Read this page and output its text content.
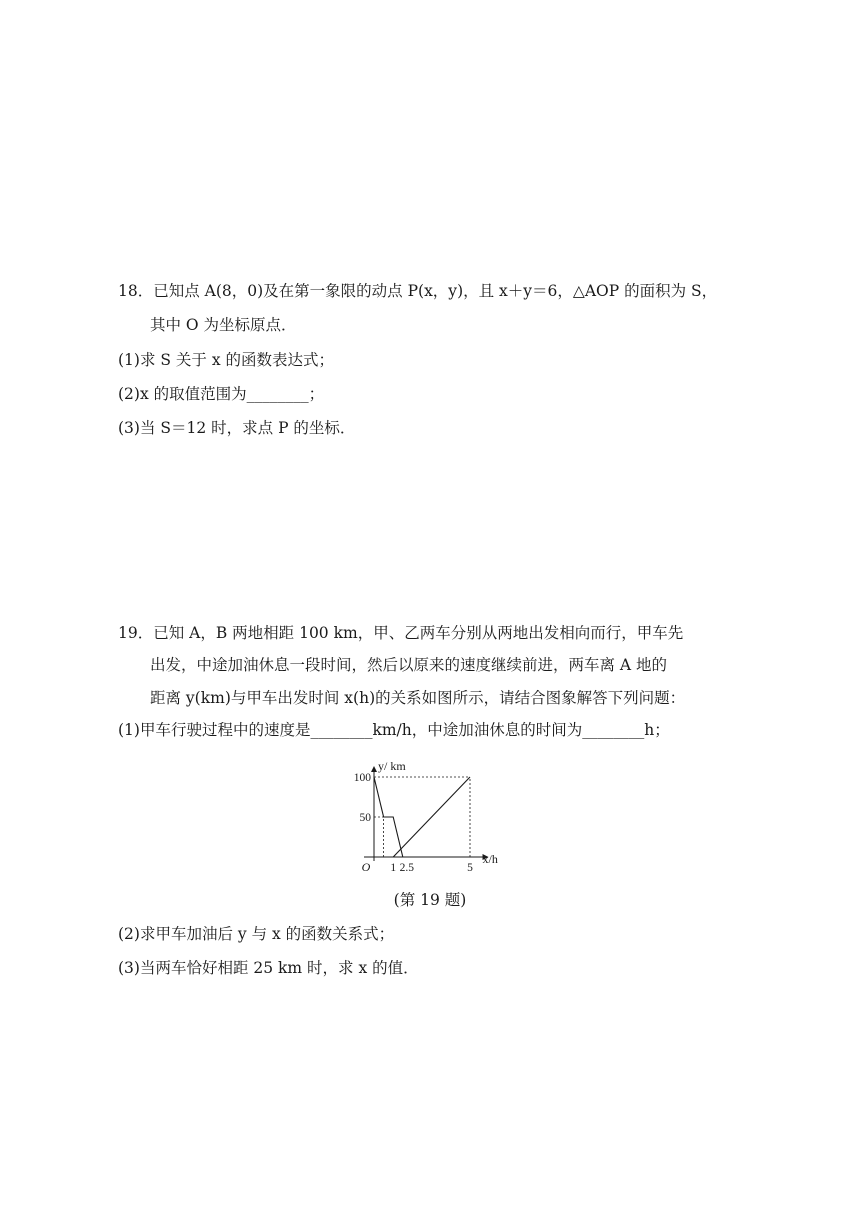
18．已知点 A(8，0)及在第一象限的动点 P(x，y)，且 x＋y＝6，△AOP 的面积为 S，
其中 O 为坐标原点．
(1)求 S 关于 x 的函数表达式；
(2)x 的取值范围为________；
(3)当 S＝12 时，求点 P 的坐标．
19．已知 A，B 两地相距 100 km，甲、乙两车分别从两地出发相向而行，甲车先
出发，中途加油休息一段时间，然后以原来的速度继续前进，两车离 A 地的
距离 y(km)与甲车出发时间 x(h)的关系如图所示，请结合图象解答下列问题：
(1)甲车行驶过程中的速度是________km/h，中途加油休息的时间为________h；
1 2.5	5
50
100
O
y/ km
x/h
(第 19 题)
(2)求甲车加油后 y 与 x 的函数关系式；
(3)当两车恰好相距 25 km 时，求 x 的值．
